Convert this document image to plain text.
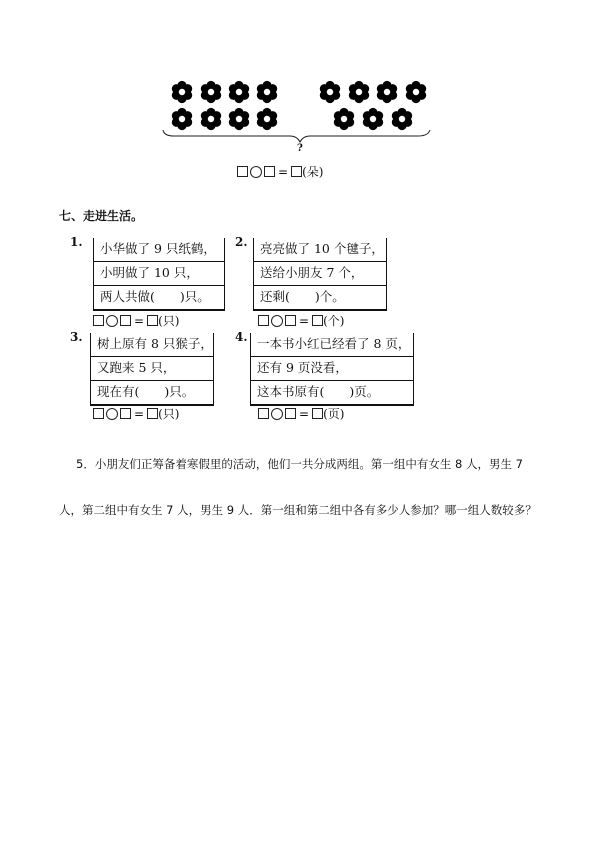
?
= (朵)
七、走进生活。
1.	小华做了 9 只纸鹤，
小明做了 10 只，
两人共做(　　)只。
= (只)
2. 亮亮做了 10 个毽子，
送给小朋友 7 个，
还剩(　　)个。
= (个)
3.	树上原有 8 只猴子，
又跑来 5 只，
现在有(　　)只。
= (只)
4. 一本书小红已经看了 8 页，
还有 9 页没看，
这本书原有(　　)页。
= (页)
5．小朋友们正筹备着寒假里的活动，他们一共分成两组。第一组中有女生 8 人，男生 7
人，第二组中有女生 7 人，男生 9 人．第一组和第二组中各有多少人参加？哪一组人数较多？
